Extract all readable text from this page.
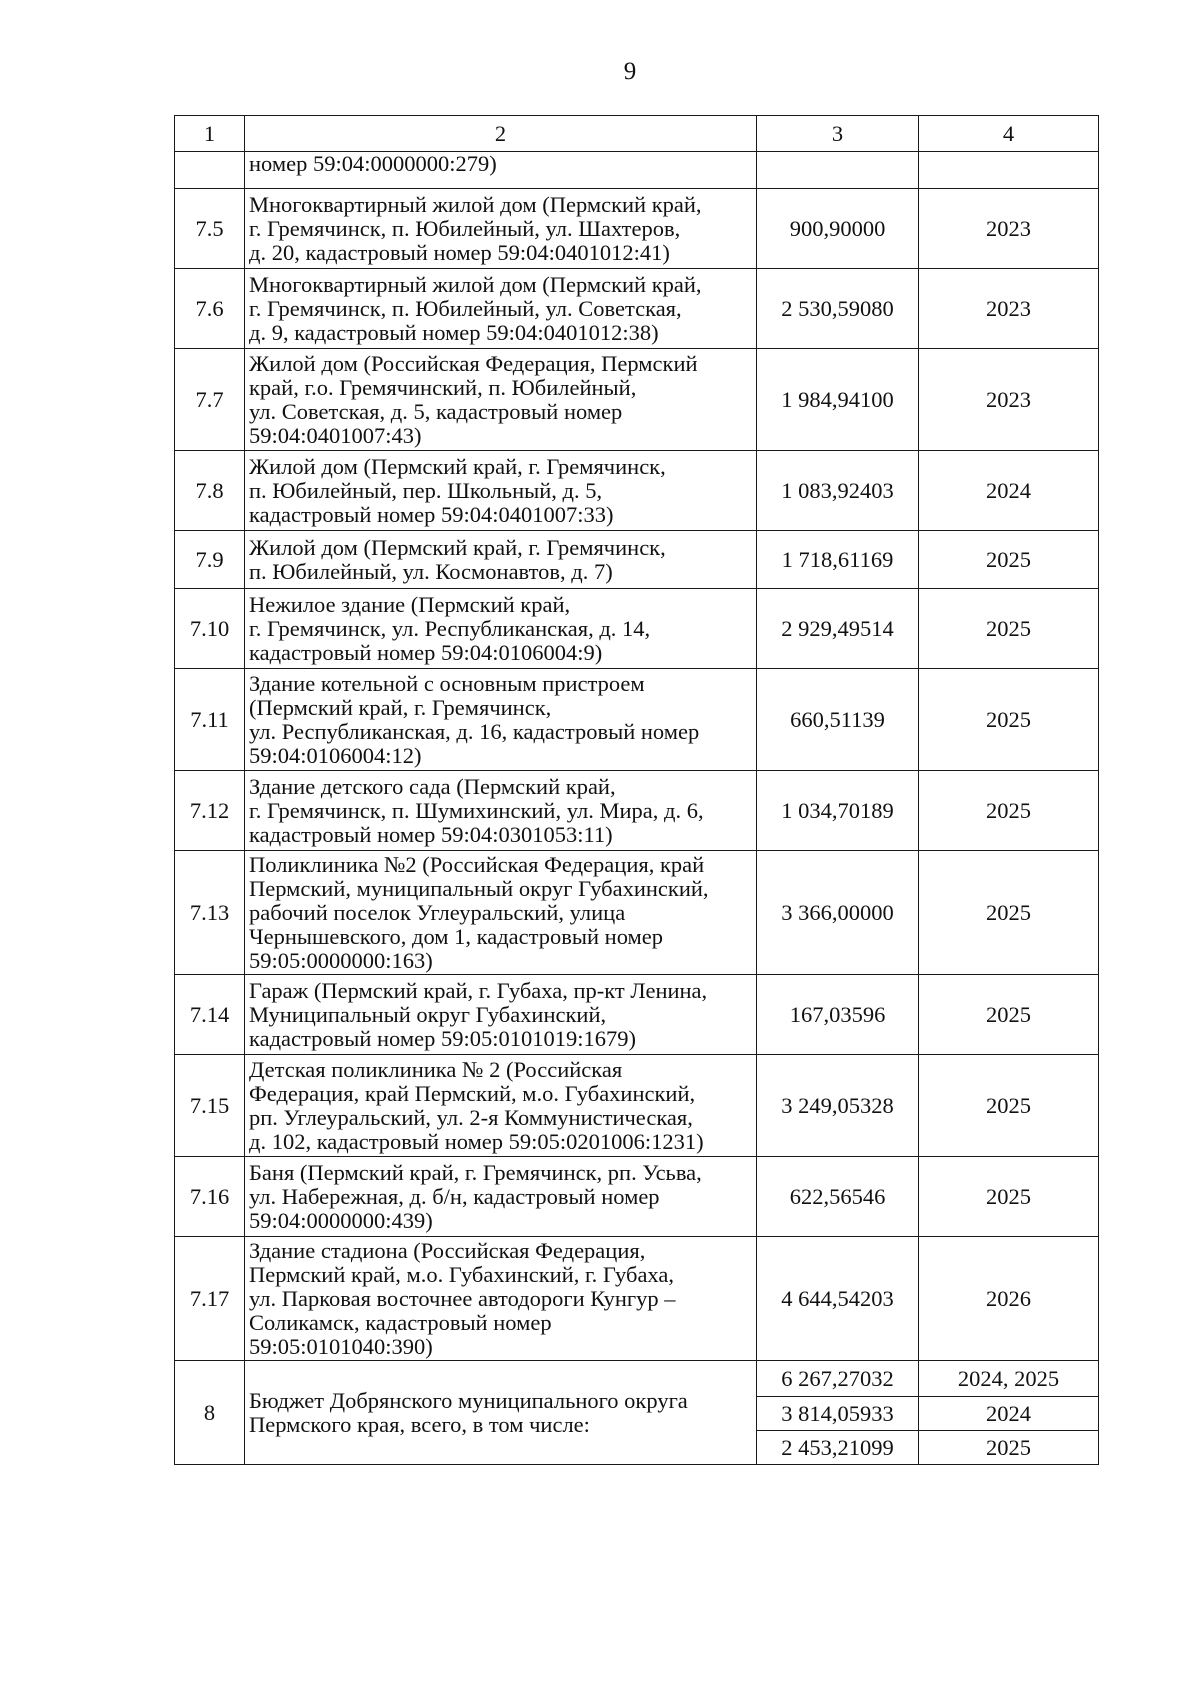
9
1	2	3	4
	номер 59:04:0000000:279)		
7.5	Многоквартирный жилой дом (Пермский край,
г. Гремячинск, п. Юбилейный, ул. Шахтеров,
д. 20, кадастровый номер 59:04:0401012:41)	900,90000	2023
7.6	Многоквартирный жилой дом (Пермский край,
г. Гремячинск, п. Юбилейный, ул. Советская,
д. 9, кадастровый номер 59:04:0401012:38)	2 530,59080	2023
7.7	Жилой дом (Российская Федерация, Пермский
край, г.о. Гремячинский, п. Юбилейный,
ул. Советская, д. 5, кадастровый номер
59:04:0401007:43)	1 984,94100	2023
7.8	Жилой дом (Пермский край, г. Гремячинск,
п. Юбилейный, пер. Школьный, д. 5,
кадастровый номер 59:04:0401007:33)	1 083,92403	2024
7.9	Жилой дом (Пермский край, г. Гремячинск,
п. Юбилейный, ул. Космонавтов, д. 7)	1 718,61169	2025
7.10	Нежилое здание (Пермский край,
г. Гремячинск, ул. Республиканская, д. 14,
кадастровый номер 59:04:0106004:9)	2 929,49514	2025
7.11	Здание котельной с основным пристроем
(Пермский край, г. Гремячинск,
ул. Республиканская, д. 16, кадастровый номер
59:04:0106004:12)	660,51139	2025
7.12	Здание детского сада (Пермский край,
г. Гремячинск, п. Шумихинский, ул. Мира, д. 6,
кадастровый номер 59:04:0301053:11)	1 034,70189	2025
7.13	Поликлиника №2 (Российская Федерация, край
Пермский, муниципальный округ Губахинский,
рабочий поселок Углеуральский, улица
Чернышевского, дом 1, кадастровый номер
59:05:0000000:163)	3 366,00000	2025
7.14	Гараж (Пермский край, г. Губаха, пр-кт Ленина,
Муниципальный округ Губахинский,
кадастровый номер 59:05:0101019:1679)	167,03596	2025
7.15	Детская поликлиника № 2 (Российская
Федерация, край Пермский, м.о. Губахинский,
рп. Углеуральский, ул. 2-я Коммунистическая,
д. 102, кадастровый номер 59:05:0201006:1231)	3 249,05328	2025
7.16	Баня (Пермский край, г. Гремячинск, рп. Усьва,
ул. Набережная, д. б/н, кадастровый номер
59:04:0000000:439)	622,56546	2025
7.17	Здание стадиона (Российская Федерация,
Пермский край, м.о. Губахинский, г. Губаха,
ул. Парковая восточнее автодороги Кунгур –
Соликамск, кадастровый номер
59:05:0101040:390)	4 644,54203	2026
8	Бюджет Добрянского муниципального округа
Пермского края, всего, в том числе:	6 267,27032	2024, 2025
		3 814,05933	2024
		2 453,21099	2025
